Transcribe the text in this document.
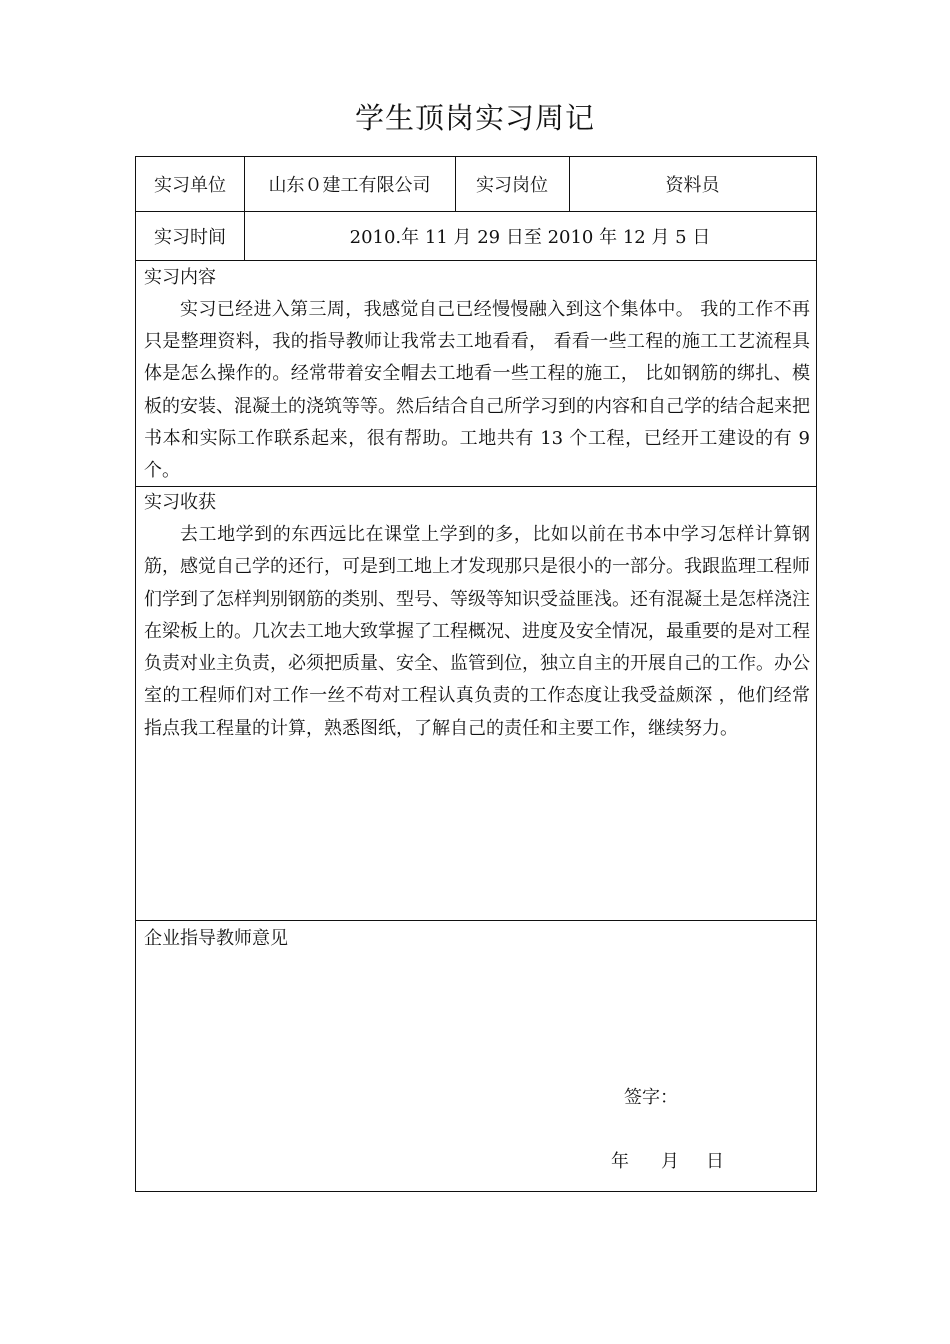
学生顶岗实习周记
实习单位	山东０建工有限公司	实习岗位	资料员
实习时间	2010.年 11 月 29 日至 2010 年 12 月 5 日
实习内容

实习已经进入第三周，我感觉自己已经慢慢融入到这个集体中。 我的工作不再只是整理资料，我的指导教师让我常去工地看看， 看看一些工程的施工工艺流程具体是怎么操作的。经常带着安全帽去工地看一些工程的施工， 比如钢筋的绑扎、模板的安装、混凝土的浇筑等等。然后结合自己所学习到的内容和自己学的结合起来把书本和实际工作联系起来，很有帮助。工地共有 13 个工程，已经开工建设的有 9 个。

实习收获

去工地学到的东西远比在课堂上学到的多，比如以前在书本中学习怎样计算钢筋，感觉自己学的还行，可是到工地上才发现那只是很小的一部分。我跟监理工程师们学到了怎样判别钢筋的类别、型号、等级等知识受益匪浅。还有混凝土是怎样浇注在梁板上的。几次去工地大致掌握了工程概况、进度及安全情况，最重要的是对工程负责对业主负责，必须把质量、安全、监管到位，独立自主的开展自己的工作。办公室的工程师们对工作一丝不苟对工程认真负责的工作态度让我受益颇深 ，他们经常指点我工程量的计算，熟悉图纸，了解自己的责任和主要工作，继续努力。

企业指导教师意见
签字：
年 月 日
